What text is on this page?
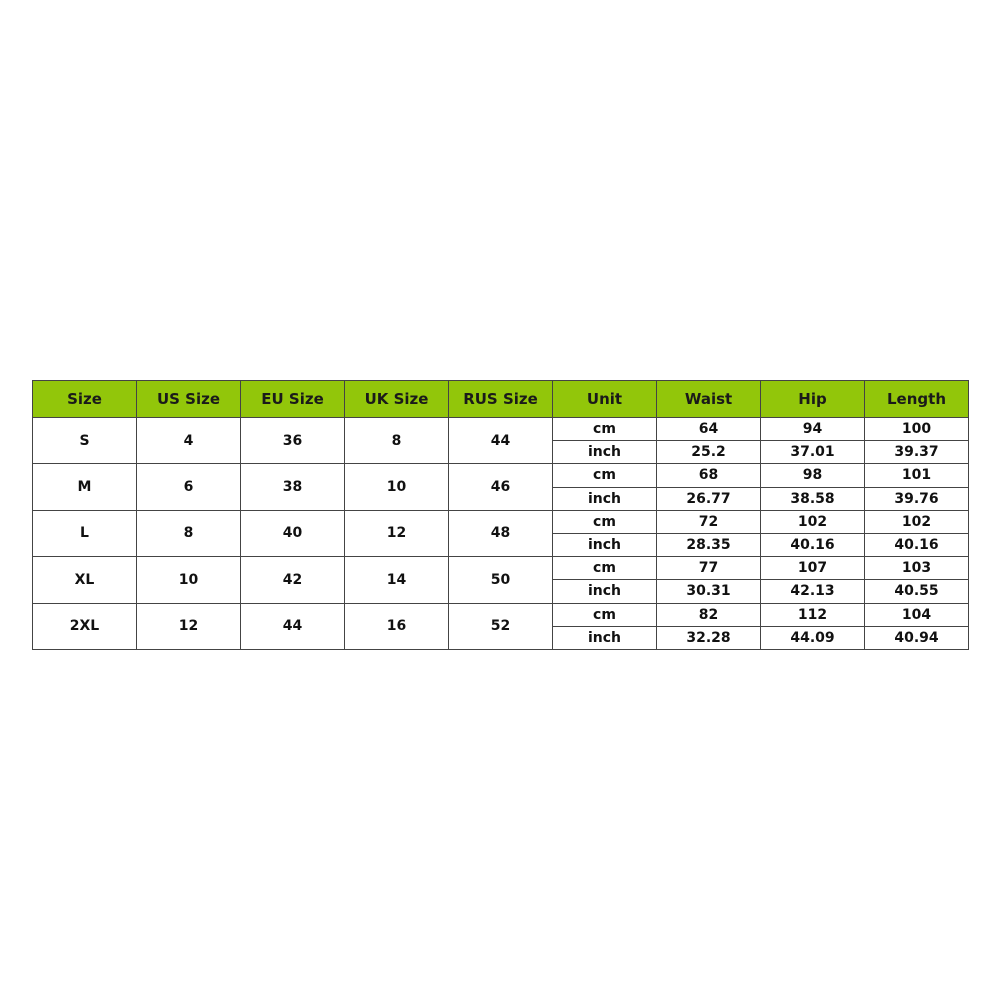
Size	US Size	EU Size	UK Size	RUS Size	Unit	Waist	Hip	Length
S	4	36	8	44	cm	64	94	100
					inch	25.2	37.01	39.37
M	6	38	10	46	cm	68	98	101
					inch	26.77	38.58	39.76
L	8	40	12	48	cm	72	102	102
					inch	28.35	40.16	40.16
XL	10	42	14	50	cm	77	107	103
					inch	30.31	42.13	40.55
2XL	12	44	16	52	cm	82	112	104
					inch	32.28	44.09	40.94
